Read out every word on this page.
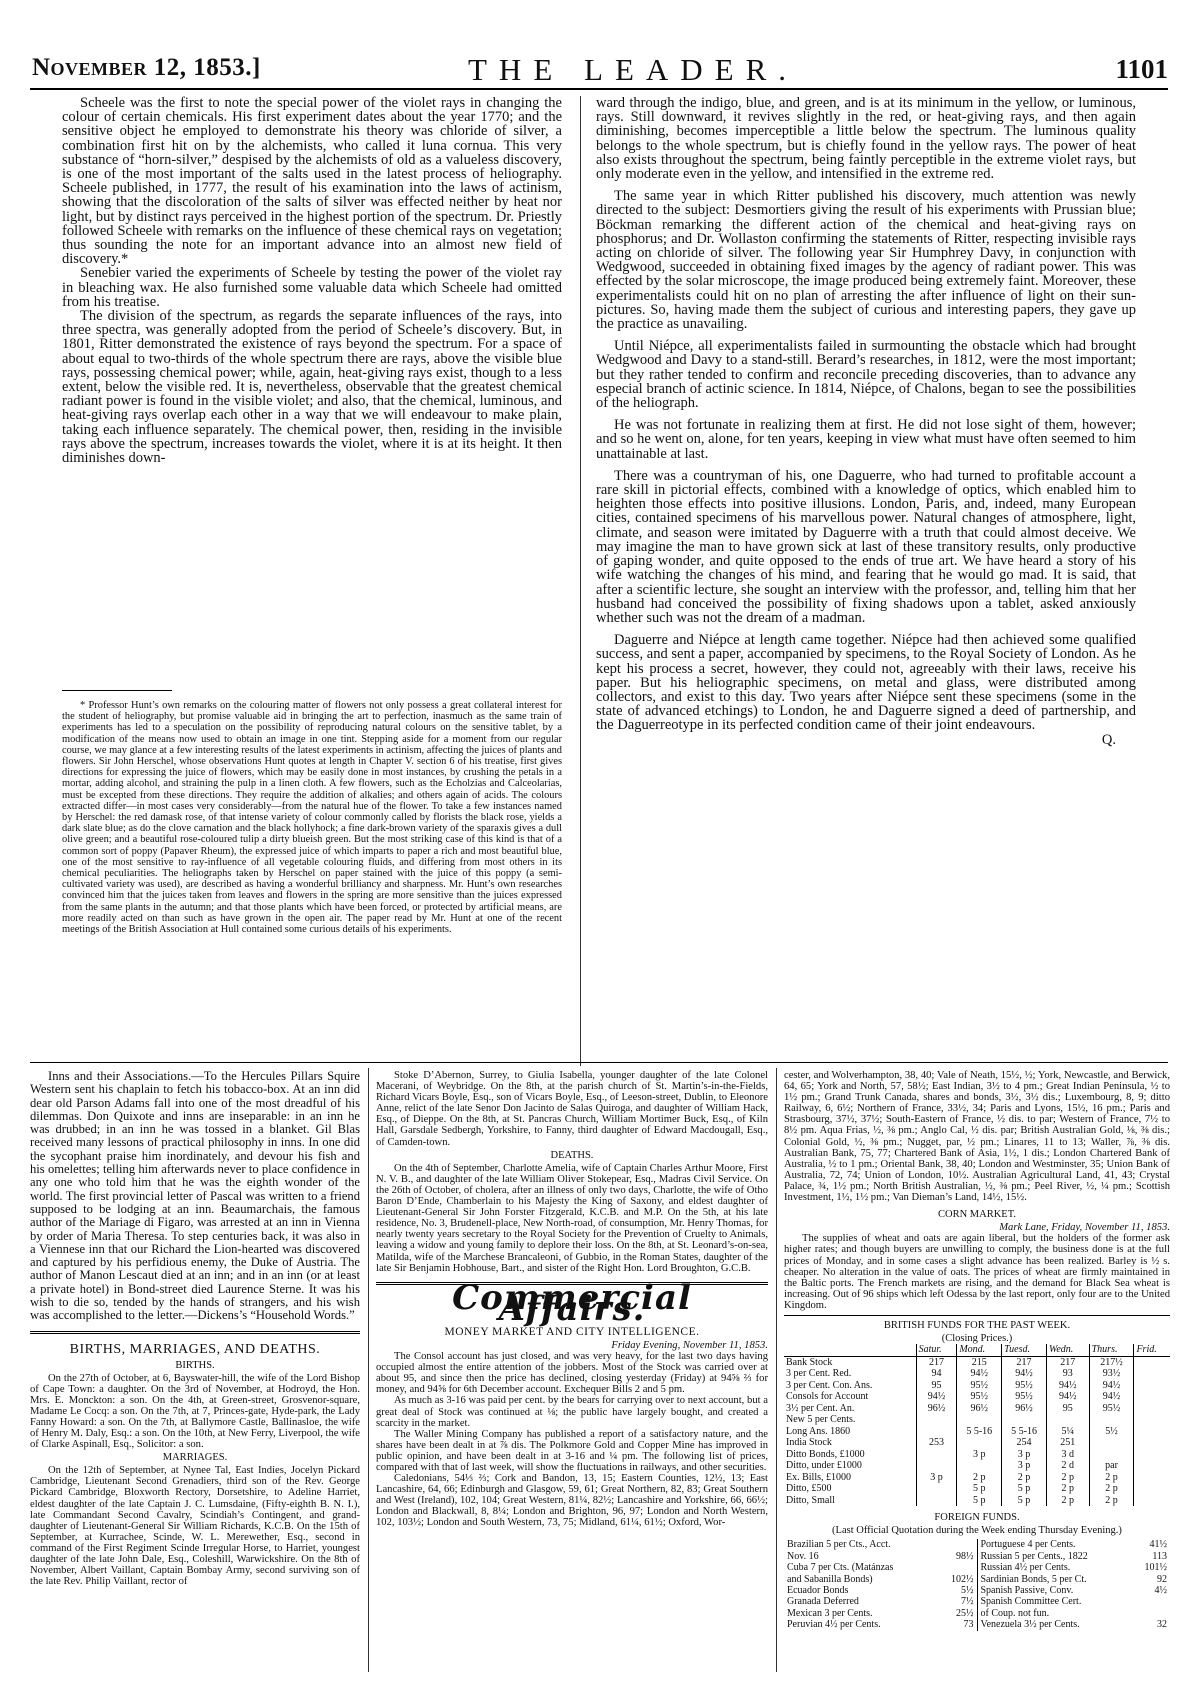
November 12, 1853.]	THE LEADER.	1101

Scheele was the first to note the special power of the violet rays in changing the colour of certain chemicals. His first experiment dates about the year 1770; and the sensitive object he employed to demonstrate his theory was chloride of silver, a combination first hit on by the alchemists, who called it luna cornua. This very substance of “horn-silver,” despised by the alchemists of old as a valueless discovery, is one of the most important of the salts used in the latest process of heliography. Scheele published, in 1777, the result of his examination into the laws of actinism, showing that the discoloration of the salts of silver was effected neither by heat nor light, but by distinct rays perceived in the highest portion of the spectrum. Dr. Priestly followed Scheele with remarks on the influence of these chemical rays on vegetation; thus sounding the note for an important advance into an almost new field of discovery.*

Senebier varied the experiments of Scheele by testing the power of the violet ray in bleaching wax. He also furnished some valuable data which Scheele had omitted from his treatise.

The division of the spectrum, as regards the separate influences of the rays, into three spectra, was generally adopted from the period of Scheele’s discovery. But, in 1801, Ritter demonstrated the existence of rays beyond the spectrum. For a space of about equal to two-thirds of the whole spectrum there are rays, above the visible blue rays, possessing chemical power; while, again, heat-giving rays exist, though to a less extent, below the visible red. It is, nevertheless, observable that the greatest chemical radiant power is found in the visible violet; and also, that the chemical, luminous, and heat-giving rays overlap each other in a way that we will endeavour to make plain, taking each influence separately. The chemical power, then, residing in the invisible rays above the spectrum, increases towards the violet, where it is at its height. It then diminishes down-

* Professor Hunt’s own remarks on the colouring matter of flowers not only possess a great collateral interest for the student of heliography, but promise valuable aid in bringing the art to perfection, inasmuch as the same train of experiments has led to a speculation on the possibility of reproducing natural colours on the sensitive tablet, by a modification of the means now used to obtain an image in one tint. Stepping aside for a moment from our regular course, we may glance at a few interesting results of the latest experiments in actinism, affecting the juices of plants and flowers. Sir John Herschel, whose observations Hunt quotes at length in Chapter V. section 6 of his treatise, first gives directions for expressing the juice of flowers, which may be easily done in most instances, by crushing the petals in a mortar, adding alcohol, and straining the pulp in a linen cloth. A few flowers, such as the Echolzias and Calceolarias, must be excepted from these directions. They require the addition of alkalies; and others again of acids. The colours extracted differ—in most cases very considerably—from the natural hue of the flower. To take a few instances named by Herschel: the red damask rose, of that intense variety of colour commonly called by florists the black rose, yields a dark slate blue; as do the clove carnation and the black hollyhock; a fine dark-brown variety of the sparaxis gives a dull olive green; and a beautiful rose-coloured tulip a dirty blueish green. But the most striking case of this kind is that of a common sort of poppy (Papaver Rheum), the expressed juice of which imparts to paper a rich and most beautiful blue, one of the most sensitive to ray-influence of all vegetable colouring fluids, and differing from most others in its chemical peculiarities. The heliographs taken by Herschel on paper stained with the juice of this poppy (a semi-cultivated variety was used), are described as having a wonderful brilliancy and sharpness. Mr. Hunt’s own researches convinced him that the juices taken from leaves and flowers in the spring are more sensitive than the juices expressed from the same plants in the autumn; and that those plants which have been forced, or protected by artificial means, are more readily acted on than such as have grown in the open air. The paper read by Mr. Hunt at one of the recent meetings of the British Association at Hull contained some curious details of his experiments.

ward through the indigo, blue, and green, and is at its minimum in the yellow, or luminous, rays. Still downward, it revives slightly in the red, or heat-giving rays, and then again diminishing, becomes imperceptible a little below the spectrum. The luminous quality belongs to the whole spectrum, but is chiefly found in the yellow rays. The power of heat also exists throughout the spectrum, being faintly perceptible in the extreme violet rays, but only moderate even in the yellow, and intensified in the extreme red.

The same year in which Ritter published his discovery, much attention was newly directed to the subject: Desmortiers giving the result of his experiments with Prussian blue; Böckman remarking the different action of the chemical and heat-giving rays on phosphorus; and Dr. Wollaston confirming the statements of Ritter, respecting invisible rays acting on chloride of silver. The following year Sir Humphrey Davy, in conjunction with Wedgwood, succeeded in obtaining fixed images by the agency of radiant power. This was effected by the solar microscope, the image produced being extremely faint. Moreover, these experimentalists could hit on no plan of arresting the after influence of light on their sun-pictures. So, having made them the subject of curious and interesting papers, they gave up the practice as unavailing.

Until Niépce, all experimentalists failed in surmounting the obstacle which had brought Wedgwood and Davy to a stand-still. Berard’s researches, in 1812, were the most important; but they rather tended to confirm and reconcile preceding discoveries, than to advance any especial branch of actinic science. In 1814, Niépce, of Chalons, began to see the possibilities of the heliograph.

He was not fortunate in realizing them at first. He did not lose sight of them, however; and so he went on, alone, for ten years, keeping in view what must have often seemed to him unattainable at last.

There was a countryman of his, one Daguerre, who had turned to profitable account a rare skill in pictorial effects, combined with a knowledge of optics, which enabled him to heighten those effects into positive illusions. London, Paris, and, indeed, many European cities, contained specimens of his marvellous power. Natural changes of atmosphere, light, climate, and season were imitated by Daguerre with a truth that could almost deceive. We may imagine the man to have grown sick at last of these transitory results, only productive of gaping wonder, and quite opposed to the ends of true art. We have heard a story of his wife watching the changes of his mind, and fearing that he would go mad. It is said, that after a scientific lecture, she sought an interview with the professor, and, telling him that her husband had conceived the possibility of fixing shadows upon a tablet, asked anxiously whether such was not the dream of a madman.

Daguerre and Niépce at length came together. Niépce had then achieved some qualified success, and sent a paper, accompanied by specimens, to the Royal Society of London. As he kept his process a secret, however, they could not, agreeably with their laws, receive his paper. But his heliographic specimens, on metal and glass, were distributed among collectors, and exist to this day. Two years after Niépce sent these specimens (some in the state of advanced etchings) to London, he and Daguerre signed a deed of partnership, and the Daguerreotype in its perfected condition came of their joint endeavours.

Q.

Inns and their Associations.—To the Hercules Pillars Squire Western sent his chaplain to fetch his tobacco-box. At an inn did dear old Parson Adams fall into one of the most dreadful of his dilemmas. Don Quixote and inns are inseparable: in an inn he was drubbed; in an inn he was tossed in a blanket. Gil Blas received many lessons of practical philosophy in inns. In one did the sycophant praise him inordinately, and devour his fish and his omelettes; telling him afterwards never to place confidence in any one who told him that he was the eighth wonder of the world. The first provincial letter of Pascal was written to a friend supposed to be lodging at an inn. Beaumarchais, the famous author of the Mariage di Figaro, was arrested at an inn in Vienna by order of Maria Theresa. To step centuries back, it was also in a Viennese inn that our Richard the Lion-hearted was discovered and captured by his perfidious enemy, the Duke of Austria. The author of Manon Lescaut died at an inn; and in an inn (or at least a private hotel) in Bond-street died Laurence Sterne. It was his wish to die so, tended by the hands of strangers, and his wish was accomplished to the letter.—Dickens’s “Household Words.”

BIRTHS, MARRIAGES, AND DEATHS.
BIRTHS.

On the 27th of October, at 6, Bayswater-hill, the wife of the Lord Bishop of Cape Town: a daughter. On the 3rd of November, at Hodroyd, the Hon. Mrs. E. Monckton: a son. On the 4th, at Green-street, Grosvenor-square, Madame Le Cocq: a son. On the 7th, at 7, Princes-gate, Hyde-park, the Lady Fanny Howard: a son. On the 7th, at Ballymore Castle, Ballinasloe, the wife of Henry M. Daly, Esq.: a son. On the 10th, at New Ferry, Liverpool, the wife of Clarke Aspinall, Esq., Solicitor: a son.

MARRIAGES.

On the 12th of September, at Nynee Tal, East Indies, Jocelyn Pickard Cambridge, Lieutenant Second Grenadiers, third son of the Rev. George Pickard Cambridge, Bloxworth Rectory, Dorsetshire, to Adeline Harriet, eldest daughter of the late Captain J. C. Lumsdaine, (Fifty-eighth B. N. I.), late Commandant Second Cavalry, Scindiah’s Contingent, and grand-daughter of Lieutenant-General Sir William Richards, K.C.B. On the 15th of September, at Kurrachee, Scinde, W. L. Merewether, Esq., second in command of the First Regiment Scinde Irregular Horse, to Harriet, youngest daughter of the late John Dale, Esq., Coleshill, Warwickshire. On the 8th of November, Albert Vaillant, Captain Bombay Army, second surviving son of the late Rev. Philip Vaillant, rector of

Stoke D’Abernon, Surrey, to Giulia Isabella, younger daughter of the late Colonel Macerani, of Weybridge. On the 8th, at the parish church of St. Martin’s-in-the-Fields, Richard Vicars Boyle, Esq., son of Vicars Boyle, Esq., of Leeson-street, Dublin, to Eleonore Anne, relict of the late Senor Don Jacinto de Salas Quiroga, and daughter of William Hack, Esq., of Dieppe. On the 8th, at St. Pancras Church, William Mortimer Buck, Esq., of Kiln Hall, Garsdale Sedbergh, Yorkshire, to Fanny, third daughter of Edward Macdougall, Esq., of Camden-town.

DEATHS.

On the 4th of September, Charlotte Amelia, wife of Captain Charles Arthur Moore, First N. V. B., and daughter of the late William Oliver Stokepear, Esq., Madras Civil Service. On the 26th of October, of cholera, after an illness of only two days, Charlotte, the wife of Otho Baron D’Ende, Chamberlain to his Majesty the King of Saxony, and eldest daughter of Lieutenant-General Sir John Forster Fitzgerald, K.C.B. and M.P. On the 5th, at his late residence, No. 3, Brudenell-place, New North-road, of consumption, Mr. Henry Thomas, for nearly twenty years secretary to the Royal Society for the Prevention of Cruelty to Animals, leaving a widow and young family to deplore their loss. On the 8th, at St. Leonard’s-on-sea, Matilda, wife of the Marchese Brancaleoni, of Gubbio, in the Roman States, daughter of the late Sir Benjamin Hobhouse, Bart., and sister of the Right Hon. Lord Broughton, G.C.B.

Commercial Affairs.
MONEY MARKET AND CITY INTELLIGENCE.
Friday Evening, November 11, 1853.

The Consol account has just closed, and was very heavy, for the last two days having occupied almost the entire attention of the jobbers. Most of the Stock was carried over at about 95, and since then the price has declined, closing yesterday (Friday) at 94⅝ ⅔ for money, and 94⅝ for 6th December account. Exchequer Bills 2 and 5 pm.

As much as 3-16 was paid per cent. by the bears for carrying over to next account, but a great deal of Stock was continued at ⅛; the public have largely bought, and created a scarcity in the market.

The Waller Mining Company has published a report of a satisfactory nature, and the shares have been dealt in at ⅞ dis. The Polkmore Gold and Copper Mine has improved in public opinion, and have been dealt in at 3-16 and ¼ pm. The following list of prices, compared with that of last week, will show the fluctuations in railways, and other securities.

Caledonians, 54⅓ ⅔; Cork and Bandon, 13, 15; Eastern Counties, 12½, 13; East Lancashire, 64, 66; Edinburgh and Glasgow, 59, 61; Great Northern, 82, 83; Great Southern and West (Ireland), 102, 104; Great Western, 81¼, 82½; Lancashire and Yorkshire, 66, 66½; London and Blackwall, 8, 8¼; London and Brighton, 96, 97; London and North Western, 102, 103½; London and South Western, 73, 75; Midland, 61¼, 61½; Oxford, Wor-

cester, and Wolverhampton, 38, 40; Vale of Neath, 15½, ½; York, Newcastle, and Berwick, 64, 65; York and North, 57, 58½; East Indian, 3½ to 4 pm.; Great Indian Peninsula, ½ to 1½ pm.; Grand Trunk Canada, shares and bonds, 3½, 3½ dis.; Luxembourg, 8, 9; ditto Railway, 6, 6½; Northern of France, 33½, 34; Paris and Lyons, 15½, 16 pm.; Paris and Strasbourg, 37½, 37½; South-Eastern of France, ½ dis. to par; Western of France, 7½ to 8½ pm. Aqua Frias, ½, ⅜ pm.; Anglo Cal, ½ dis. par; British Australian Gold, ⅛, ⅜ dis.; Colonial Gold, ½, ⅜ pm.; Nugget, par, ½ pm.; Linares, 11 to 13; Waller, ⅞, ⅜ dis. Australian Bank, 75, 77; Chartered Bank of Asia, 1½, 1 dis.; London Chartered Bank of Australia, ½ to 1 pm.; Oriental Bank, 38, 40; London and Westminster, 35; Union Bank of Australia, 72, 74; Union of London, 10½. Australian Agricultural Land, 41, 43; Crystal Palace, ¾, 1½ pm.; North British Australian, ½, ⅜ pm.; Peel River, ½, ¼ pm.; Scottish Investment, 1½, 1½ pm.; Van Dieman’s Land, 14½, 15½.

CORN MARKET.
Mark Lane, Friday, November 11, 1853.

The supplies of wheat and oats are again liberal, but the holders of the former ask higher rates; and though buyers are unwilling to comply, the business done is at the full prices of Monday, and in some cases a slight advance has been realized. Barley is ½ s. cheaper. No alteration in the value of oats. The prices of wheat are firmly maintained in the Baltic ports. The French markets are rising, and the demand for Black Sea wheat is increasing. Out of 96 ships which left Odessa by the last report, only four are to the United Kingdom.

BRITISH FUNDS FOR THE PAST WEEK.
(Closing Prices.)
	Satur.	Mond.	Tuesd.	Wedn.	Thurs.	Frid.
Bank Stock	217	215	217	217	217½	
3 per Cent. Red.	94	94½	94½	93	93½	
3 per Cent. Con. Ans.	95	95½	95½	94½	94½	
Consols for Account	94½	95½	95½	94½	94½	
3½ per Cent. An.	96½	96½	96½	95	95½	
New 5 per Cents.						
Long Ans. 1860		5 5-16	5 5-16	5¼	5½	
India Stock	253		254	251		
Ditto Bonds, £1000		3 p	3 p	3 d		
Ditto, under £1000			3 p	2 d	par	
Ex. Bills, £1000	3 p	2 p	2 p	2 p	2 p	
Ditto, £500		5 p	5 p	2 p	2 p	
Ditto, Small		5 p	5 p	2 p	2 p	
FOREIGN FUNDS.
(Last Official Quotation during the Week ending Thursday Evening.)
Brazilian 5 per Cts., Acct.
Nov. 16	98½
Cuba 7 per Cts. (Matánzas
and Sabanilla Bonds)	102½
Ecuador Bonds	5½
Granada Deferred	7½
Mexican 3 per Cents.	25½
Peruvian 4½ per Cents.	73
Portuguese 4 per Cents.	41½
Russian 5 per Cents., 1822	113
Russian 4½ per Cents.	101½
Sardinian Bonds, 5 per Ct.	92
Spanish Passive, Conv.	4½
Spanish Committee Cert.
of Coup. not fun.
Venezuela 3½ per Cents.	32
